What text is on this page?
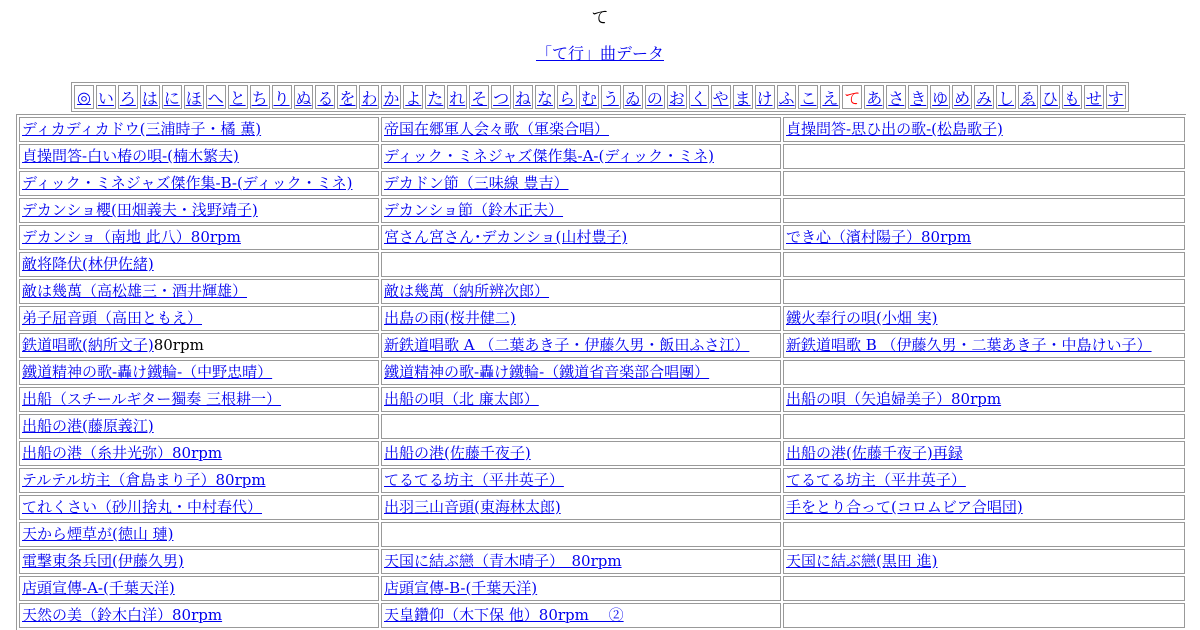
て
「て行」曲データ
◎ い ろ は に ほ へ と ち り ぬ る を わ か よ た れ そ つ ね な ら む う ゐ の お く や ま け ふ こ え て あ さ き ゆ め み し ゑ ひ も せ す
ディカディカドウ(三浦時子・橘 薫)	帝国在郷軍人会々歌（軍楽合唱）	貞操問答-思ひ出の歌-(松島歌子)
貞操問答-白い椿の唄-(楠木繁夫)	ディック・ミネジャズ傑作集-A-(ディック・ミネ)	
ディック・ミネジャズ傑作集-B-(ディック・ミネ)	デカドン節（三味線 豊吉）	
デカンショ櫻(田畑義夫・浅野靖子)	デカンショ節（鈴木正夫）	
デカンショ（南地 此八）80rpm	宮さん宮さん･デカンショ(山村豊子)	でき心（濱村陽子）80rpm
敵将降伏(林伊佐緒)		
敵は幾萬（高松雄三・酒井輝雄）	敵は幾萬（納所辨次郎）	
弟子屈音頭（高田ともえ）	出島の雨(桜井健二)	鐵火奉行の唄(小畑 実)
鉄道唱歌(納所文子)80rpm	新鉄道唱歌 A （二葉あき子・伊藤久男・飯田ふさ江）	新鉄道唱歌 B （伊藤久男・二葉あき子・中島けい子）
鐵道精神の歌-轟け鐵輪-（中野忠晴）	鐵道精神の歌-轟け鐵輪-（鐵道省音楽部合唱團）	
出船（スチールギター獨奏 三根耕一）	出船の唄（北 廉太郎）	出船の唄（矢追婦美子）80rpm
出船の港(藤原義江)		
出船の港（糸井光弥）80rpm	出船の港(佐藤千夜子)	出船の港(佐藤千夜子)再録
テルテル坊主（倉島まり子）80rpm	てるてる坊主（平井英子）	てるてる坊主（平井英子）
てれくさい（砂川捨丸・中村春代）	出羽三山音頭(東海林太郎)	手をとり合って(コロムビア合唱団)
天から煙草が(徳山 璉)		
電撃東条兵団(伊藤久男)	天国に結ぶ戀（青木晴子）　80rpm	天国に結ぶ戀(黒田 進)
店頭宣傳-A-(千葉天洋)	店頭宣傳-B-(千葉天洋)	
天然の美（鈴木白洋）80rpm	天皇鑽仰（木下保 他）80rpm　 ②	
